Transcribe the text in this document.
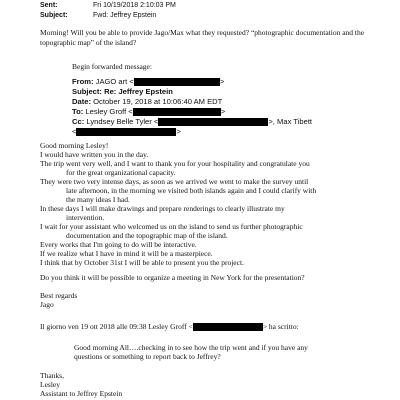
Sent:	Fri 10/19/2018 2:10:03 PM
Subject:	Fwd: Jeffrey Epstein
Morning! Will you be able to provide Jago/Max what they requested? “photographic documentation and the topographic map” of the island?
Begin forwarded message:
From: JAGO art <	>
Subject: Re: Jeffrey Epstein
Date: October 19, 2018 at 10:06:40 AM EDT
To: Lesley Groff <	>
Cc: Lyndsey Belle Tyler <	>, Max Tibett
<	>
Good morning Lesley!
I would have written you in the day.
The trip went very well, and I want to thank you for your hospitality and congratulate you
for the great organizational capacity.
They were two very intense days, as soon as we arrived we went to make the survey until
late afternoon, in the morning we visited both islands again and I could clarify with
the many ideas I had.
In these days I will make drawings and prepare renderings to clearly illustrate my
intervention.
I wait for your assistant who welcomed us on the island to send us further photographic
documentation and the topographic map of the island.
Every works that I'm going to do will be interactive.
If we realize what I have in mind it will be a masterpiece.
I think that by October 31st I will be able to present you the project.
Do you think it will be possible to organize a meeting in New York for the presentation?
Best regards
Jago
Il giorno ven 19 ott 2018 alle 09:38 Lesley Groff <	> ha scritto:
Good morning All….checking in to see how the trip went and if you have any
questions or something to report back to Jeffrey?
Thanks,
Lesley
Assistant to Jeffrey Epstein
